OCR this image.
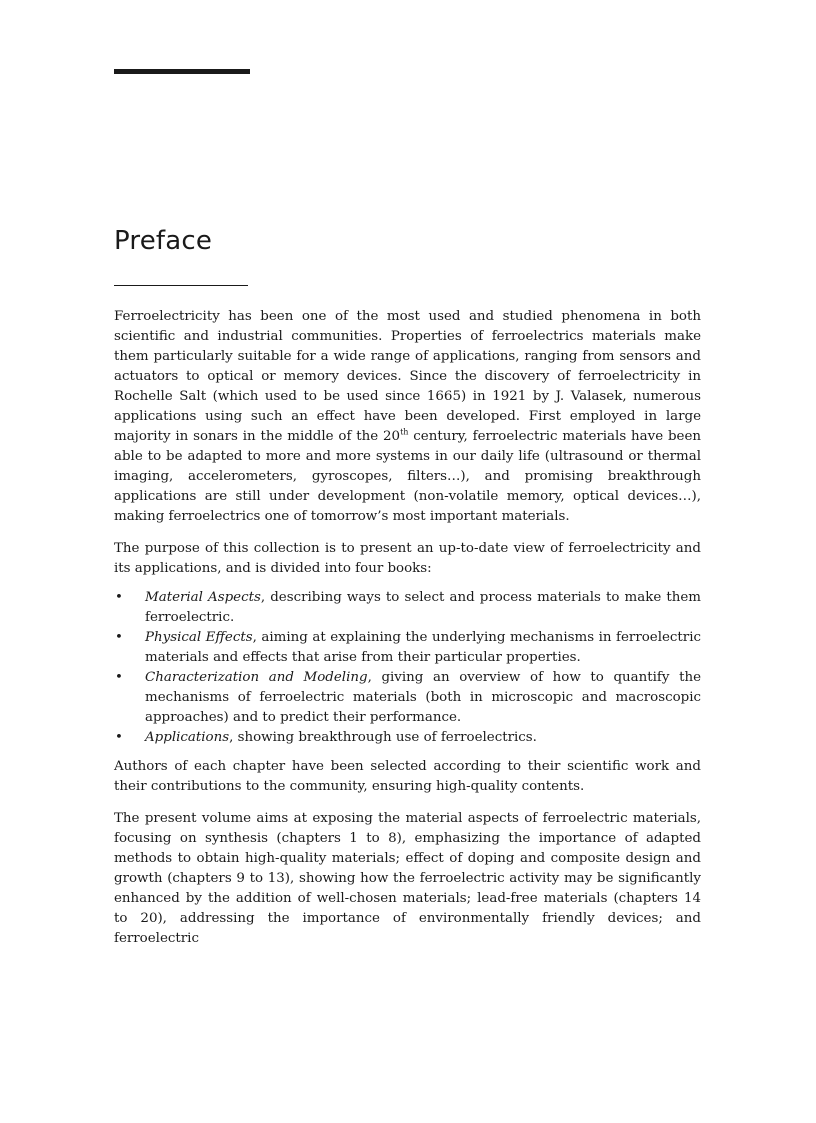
Preface

Ferroelectricity has been one of the most used and studied phenomena in both scientific and industrial communities. Properties of ferroelectrics materials make them particularly suitable for a wide range of applications, ranging from sensors and actuators to optical or memory devices. Since the discovery of ferroelectricity in Rochelle Salt (which used to be used since 1665) in 1921 by J. Valasek, numerous applications using such an effect have been developed. First employed in large majority in sonars in the middle of the 20th century, ferroelectric materials have been able to be adapted to more and more systems in our daily life (ultrasound or thermal imaging, accelerometers, gyroscopes, filters…), and promising breakthrough applications are still under development (non-volatile memory, optical devices…), making ferroelectrics one of tomorrow’s most important materials.

The purpose of this collection is to present an up-to-date view of ferroelectricity and its applications, and is divided into four books:

• Material Aspects, describing ways to select and process materials to make them ferroelectric.
• Physical Effects, aiming at explaining the underlying mechanisms in ferroelectric materials and effects that arise from their particular properties.
• Characterization and Modeling, giving an overview of how to quantify the mechanisms of ferroelectric materials (both in microscopic and macroscopic approaches) and to predict their performance.
• Applications, showing breakthrough use of ferroelectrics.

Authors of each chapter have been selected according to their scientific work and their contributions to the community, ensuring high-quality contents.

The present volume aims at exposing the material aspects of ferroelectric materials, focusing on synthesis (chapters 1 to 8), emphasizing the importance of adapted methods to obtain high-quality materials; effect of doping and composite design and growth (chapters 9 to 13), showing how the ferroelectric activity may be significantly enhanced by the addition of well-chosen materials; lead-free materials (chapters 14 to 20), addressing the importance of environmentally friendly devices; and ferroelectric
